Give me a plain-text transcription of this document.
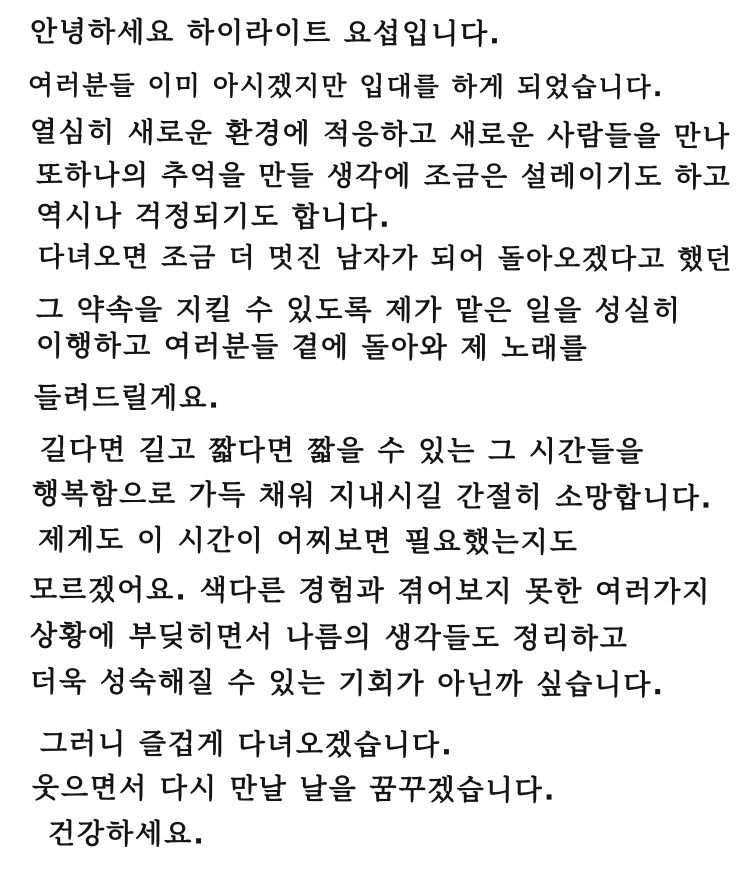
안녕하세요 하이라이트 요섭입니다.
여러분들 이미 아시겠지만 입대를 하게 되었습니다.
열심히 새로운 환경에 적응하고 새로운 사람들을 만나
또하나의 추억을 만들 생각에 조금은 설레이기도 하고
역시나 걱정되기도 합니다.
다녀오면 조금 더 멋진 남자가 되어 돌아오겠다고 했던
그 약속을 지킬 수 있도록 제가 맡은 일을 성실히
이행하고 여러분들 곁에 돌아와 제 노래를
들려드릴게요.
길다면 길고 짧다면 짧을 수 있는 그 시간들을
행복함으로 가득 채워 지내시길 간절히 소망합니다.
제게도 이 시간이 어찌보면 필요했는지도
모르겠어요. 색다른 경험과 겪어보지 못한 여러가지
상황에 부딪히면서 나름의 생각들도 정리하고
더욱 성숙해질 수 있는 기회가 아닌까 싶습니다.
그러니 즐겁게 다녀오겠습니다.
웃으면서 다시 만날 날을 꿈꾸겠습니다.
건강하세요.
